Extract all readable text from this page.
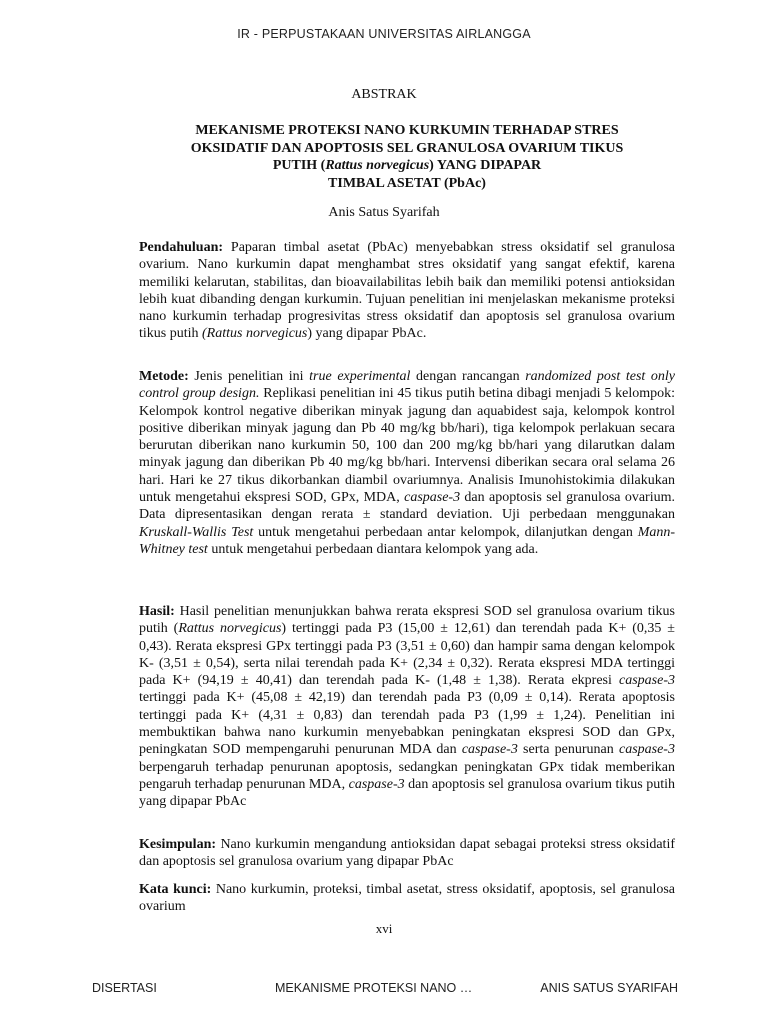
IR - PERPUSTAKAAN UNIVERSITAS AIRLANGGA
ABSTRAK
MEKANISME PROTEKSI NANO KURKUMIN TERHADAP STRES
OKSIDATIF DAN APOPTOSIS SEL GRANULOSA OVARIUM TIKUS
PUTIH (Rattus norvegicus) YANG DIPAPAR
TIMBAL ASETAT (PbAc)
Anis Satus Syarifah
Pendahuluan: Paparan timbal asetat (PbAc) menyebabkan stress oksidatif sel granulosa ovarium. Nano kurkumin dapat menghambat stres oksidatif yang sangat efektif, karena memiliki kelarutan, stabilitas, dan bioavailabilitas lebih baik dan memiliki potensi antioksidan lebih kuat dibanding dengan kurkumin. Tujuan penelitian ini menjelaskan mekanisme proteksi nano kurkumin terhadap progresivitas stress oksidatif dan apoptosis sel granulosa ovarium tikus putih (Rattus norvegicus) yang dipapar PbAc.
Metode: Jenis penelitian ini true experimental dengan rancangan randomized post test only control group design. Replikasi penelitian ini 45 tikus putih betina dibagi menjadi 5 kelompok: Kelompok kontrol negative diberikan minyak jagung dan aquabidest saja, kelompok kontrol positive diberikan minyak jagung dan Pb 40 mg/kg bb/hari), tiga kelompok perlakuan secara berurutan diberikan nano kurkumin 50, 100 dan 200 mg/kg bb/hari yang dilarutkan dalam minyak jagung dan diberikan Pb 40 mg/kg bb/hari. Intervensi diberikan secara oral selama 26 hari. Hari ke 27 tikus dikorbankan diambil ovariumnya. Analisis Imunohistokimia dilakukan untuk mengetahui ekspresi SOD, GPx, MDA, caspase-3 dan apoptosis sel granulosa ovarium. Data dipresentasikan dengan rerata ± standard deviation. Uji perbedaan menggunakan Kruskall-Wallis Test untuk mengetahui perbedaan antar kelompok, dilanjutkan dengan Mann-Whitney test untuk mengetahui perbedaan diantara kelompok yang ada.
Hasil: Hasil penelitian menunjukkan bahwa rerata ekspresi SOD sel granulosa ovarium tikus putih (Rattus norvegicus) tertinggi pada P3 (15,00 ± 12,61) dan terendah pada K+ (0,35 ± 0,43). Rerata ekspresi GPx tertinggi pada P3 (3,51 ± 0,60) dan hampir sama dengan kelompok K- (3,51 ± 0,54), serta nilai terendah pada K+ (2,34 ± 0,32). Rerata ekspresi MDA tertinggi pada K+ (94,19 ± 40,41) dan terendah pada K- (1,48 ± 1,38). Rerata ekpresi caspase-3 tertinggi pada K+ (45,08 ± 42,19) dan terendah pada P3 (0,09 ± 0,14). Rerata apoptosis tertinggi pada K+ (4,31 ± 0,83) dan terendah pada P3 (1,99 ± 1,24). Penelitian ini membuktikan bahwa nano kurkumin menyebabkan peningkatan ekspresi SOD dan GPx, peningkatan SOD mempengaruhi penurunan MDA dan caspase-3 serta penurunan caspase-3 berpengaruh terhadap penurunan apoptosis, sedangkan peningkatan GPx tidak memberikan pengaruh terhadap penurunan MDA, caspase-3 dan apoptosis sel granulosa ovarium tikus putih yang dipapar PbAc
Kesimpulan: Nano kurkumin mengandung antioksidan dapat sebagai proteksi stress oksidatif dan apoptosis sel granulosa ovarium yang dipapar PbAc
Kata kunci: Nano kurkumin, proteksi, timbal asetat, stress oksidatif, apoptosis, sel granulosa ovarium
xvi
DISERTASI	MEKANISME PROTEKSI NANO …	ANIS SATUS SYARIFAH
